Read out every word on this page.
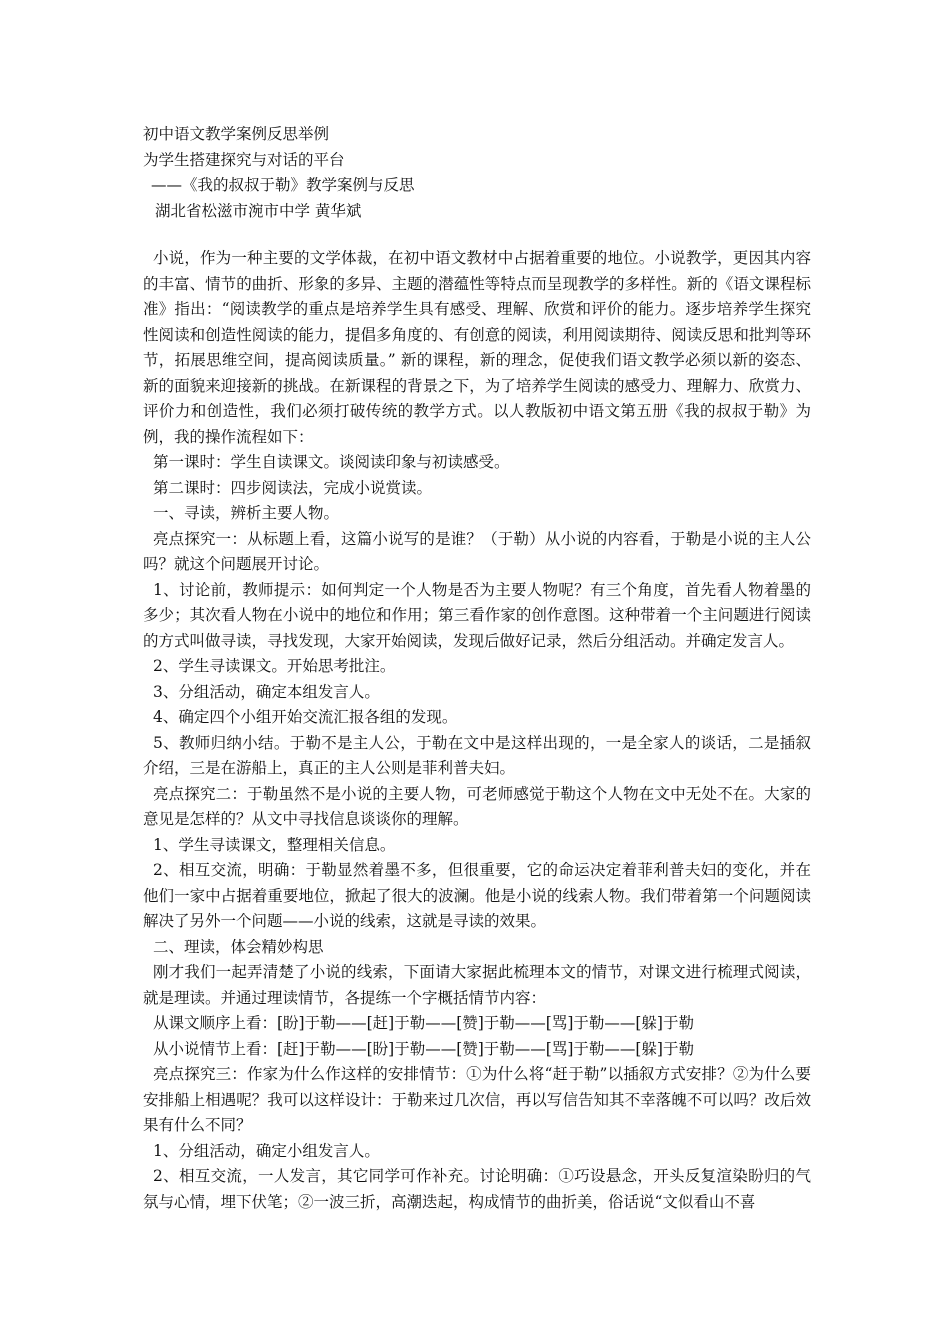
初中语文教学案例反思举例
为学生搭建探究与对话的平台
——《我的叔叔于勒》教学案例与反思
湖北省松滋市涴市中学 黄华斌

小说，作为一种主要的文学体裁，在初中语文教材中占据着重要的地位。小说教学，更因其内容的丰富、情节的曲折、形象的多异、主题的潜蕴性等特点而呈现教学的多样性。新的《语文课程标准》指出：“阅读教学的重点是培养学生具有感受、理解、欣赏和评价的能力。逐步培养学生探究性阅读和创造性阅读的能力，提倡多角度的、有创意的阅读，利用阅读期待、阅读反思和批判等环节，拓展思维空间，提高阅读质量。” 新的课程，新的理念，促使我们语文教学必须以新的姿态、新的面貌来迎接新的挑战。在新课程的背景之下，为了培养学生阅读的感受力、理解力、欣赏力、评价力和创造性，我们必须打破传统的教学方式。以人教版初中语文第五册《我的叔叔于勒》为例，我的操作流程如下：

第一课时：学生自读课文。谈阅读印象与初读感受。

第二课时：四步阅读法，完成小说赏读。

一、寻读，辨析主要人物。

亮点探究一：从标题上看，这篇小说写的是谁？（于勒）从小说的内容看，于勒是小说的主人公吗？就这个问题展开讨论。

1、讨论前，教师提示：如何判定一个人物是否为主要人物呢？有三个角度，首先看人物着墨的多少；其次看人物在小说中的地位和作用；第三看作家的创作意图。这种带着一个主问题进行阅读的方式叫做寻读，寻找发现，大家开始阅读，发现后做好记录，然后分组活动。并确定发言人。

2、学生寻读课文。开始思考批注。

3、分组活动，确定本组发言人。

4、确定四个小组开始交流汇报各组的发现。

5、教师归纳小结。于勒不是主人公，于勒在文中是这样出现的，一是全家人的谈话，二是插叙介绍，三是在游船上，真正的主人公则是菲利普夫妇。

亮点探究二：于勒虽然不是小说的主要人物，可老师感觉于勒这个人物在文中无处不在。大家的意见是怎样的？从文中寻找信息谈谈你的理解。

1、学生寻读课文，整理相关信息。

2、相互交流，明确：于勒显然着墨不多，但很重要，它的命运决定着菲利普夫妇的变化，并在他们一家中占据着重要地位，掀起了很大的波澜。他是小说的线索人物。我们带着第一个问题阅读解决了另外一个问题——小说的线索，这就是寻读的效果。

二、理读，体会精妙构思

刚才我们一起弄清楚了小说的线索，下面请大家据此梳理本文的情节，对课文进行梳理式阅读，就是理读。并通过理读情节，各提练一个字概括情节内容：

从课文顺序上看：[盼]于勒——[赶]于勒——[赞]于勒——[骂]于勒——[躲]于勒

从小说情节上看：[赶]于勒——[盼]于勒——[赞]于勒——[骂]于勒——[躲]于勒

亮点探究三：作家为什么作这样的安排情节：①为什么将“赶于勒”以插叙方式安排？②为什么要安排船上相遇呢？我可以这样设计：于勒来过几次信，再以写信告知其不幸落魄不可以吗？改后效果有什么不同？

1、分组活动，确定小组发言人。

2、相互交流，一人发言，其它同学可作补充。讨论明确：①巧设悬念，开头反复渲染盼归的气氛与心情，埋下伏笔；②一波三折，高潮迭起，构成情节的曲折美，俗话说“文似看山不喜
